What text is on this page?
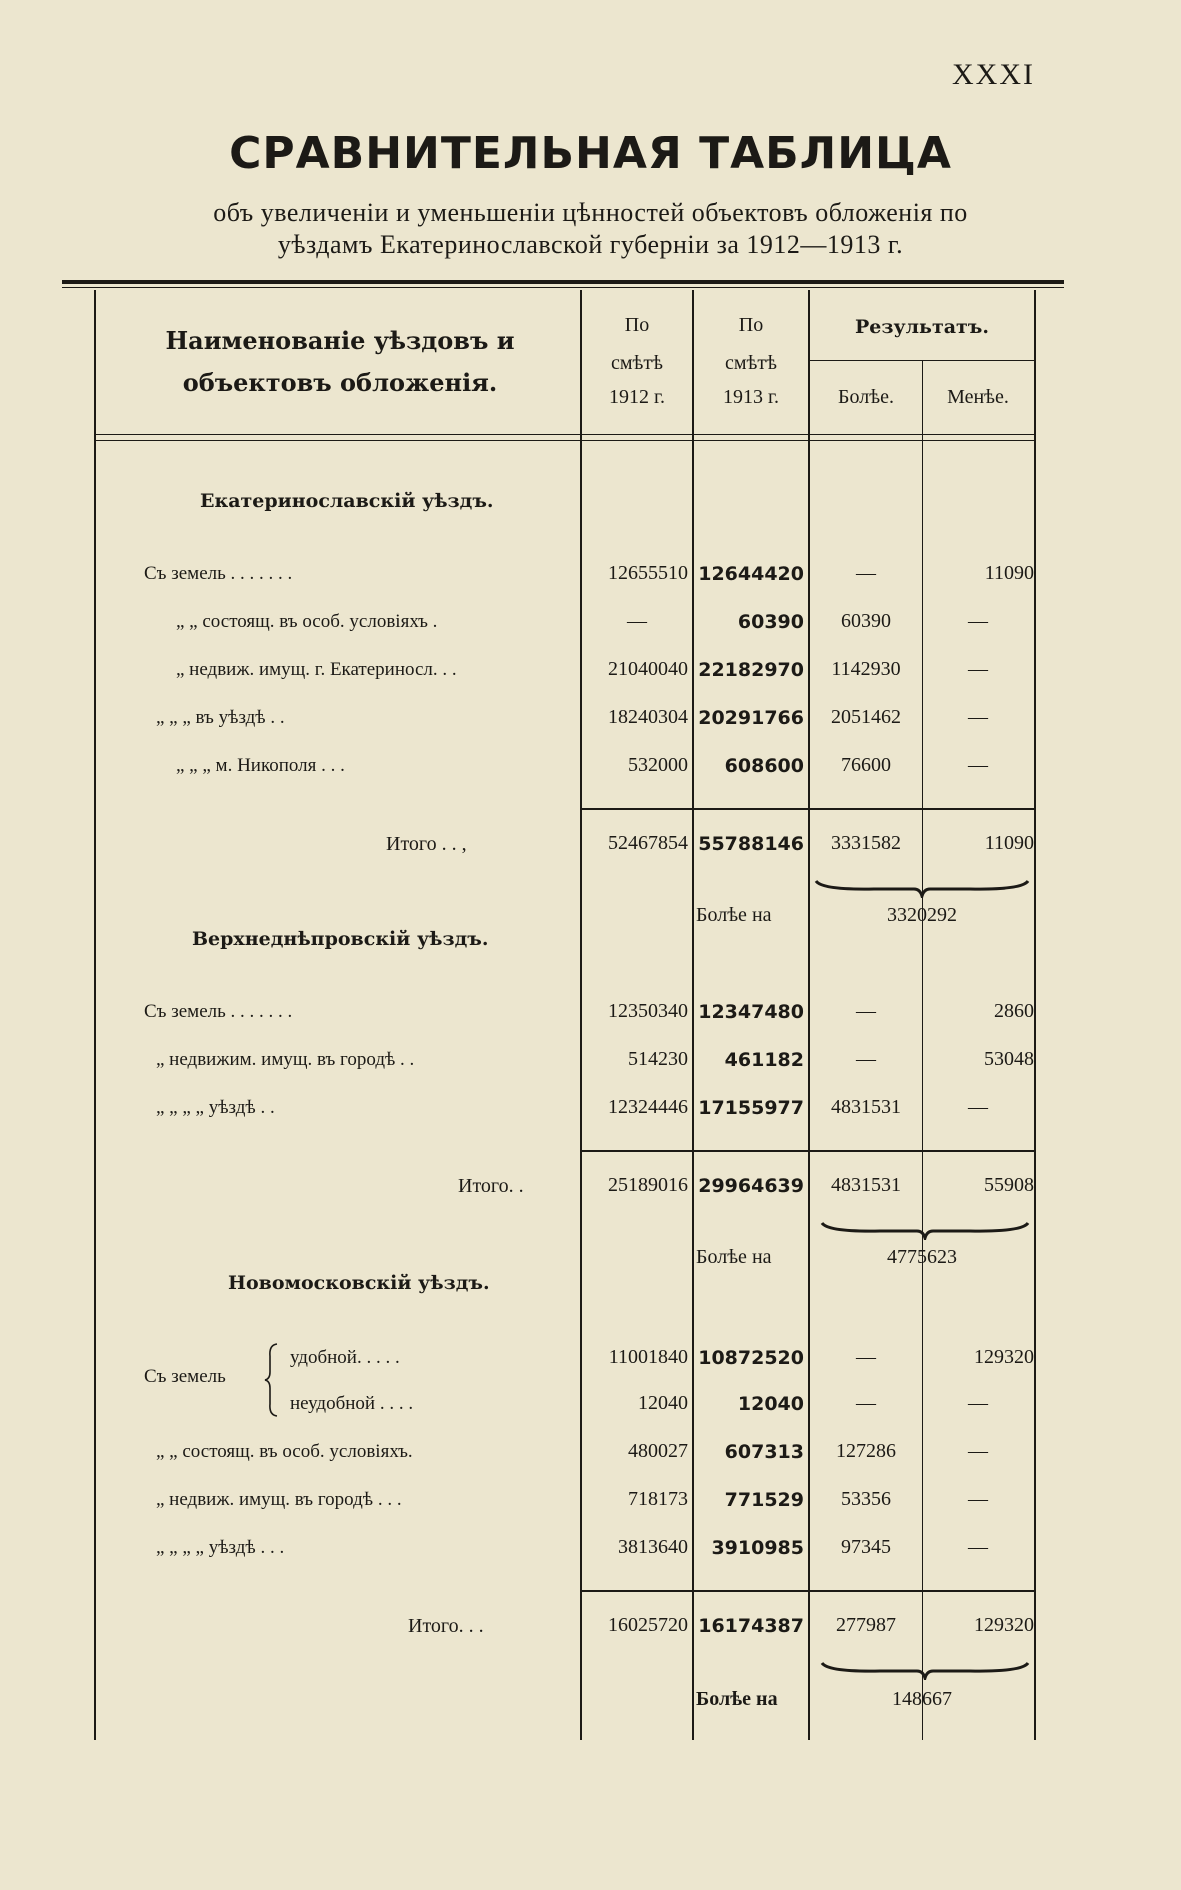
XXXI
СРАВНИТЕЛЬНАЯ ТАБЛИЦА
объ увеличеніи и уменьшеніи цѣнностей объектовъ обложенія по
уѣздамъ Екатеринославской губерніи за 1912—1913 г.
Наименованіе уѣздовъ и
объектовъ обложенія.
По
смѣтѣ
1912 г.
По
смѣтѣ
1913 г.
Результатъ.
Болѣе.	Менѣе.
Екатеринославскій уѣздъ.
Съ земель . . . . . . .	12655510 12644420	—	11090
„ „ состоящ. въ особ. условіяхъ .	—	60390	60390	—
„ недвиж. имущ. г. Екатериносл. . .	21040040 22182970	1142930	—
„ „ „ въ уѣздѣ . .	18240304 20291766	2051462	—
„ „ „ м. Никополя . . .	532000	608600	76600	—
Итого . . ,	52467854 55788146	3331582	11090
Болѣе на	3320292
Верхнеднѣпровскій уѣздъ.
Съ земель . . . . . . .	12350340 12347480	—	2860
„ недвижим. имущ. въ городѣ . .	514230	461182	—	53048
„ „ „ „ уѣздѣ . .	12324446 17155977	4831531	—
Итого. .	25189016 29964639	4831531	55908
Болѣе на	4775623
Новомосковскій уѣздъ.
Съ земель
удобной. . . . .	11001840 10872520	—	129320
неудобной . . . .	12040	12040	—	—
„ „ состоящ. въ особ. условіяхъ.	480027	607313	127286	—
„ недвиж. имущ. въ городѣ . . .	718173	771529	53356	—
„ „ „ „ уѣздѣ . . .	3813640	3910985	97345	—
Итого. . .	16025720 16174387	277987	129320
Болѣе на	148667
